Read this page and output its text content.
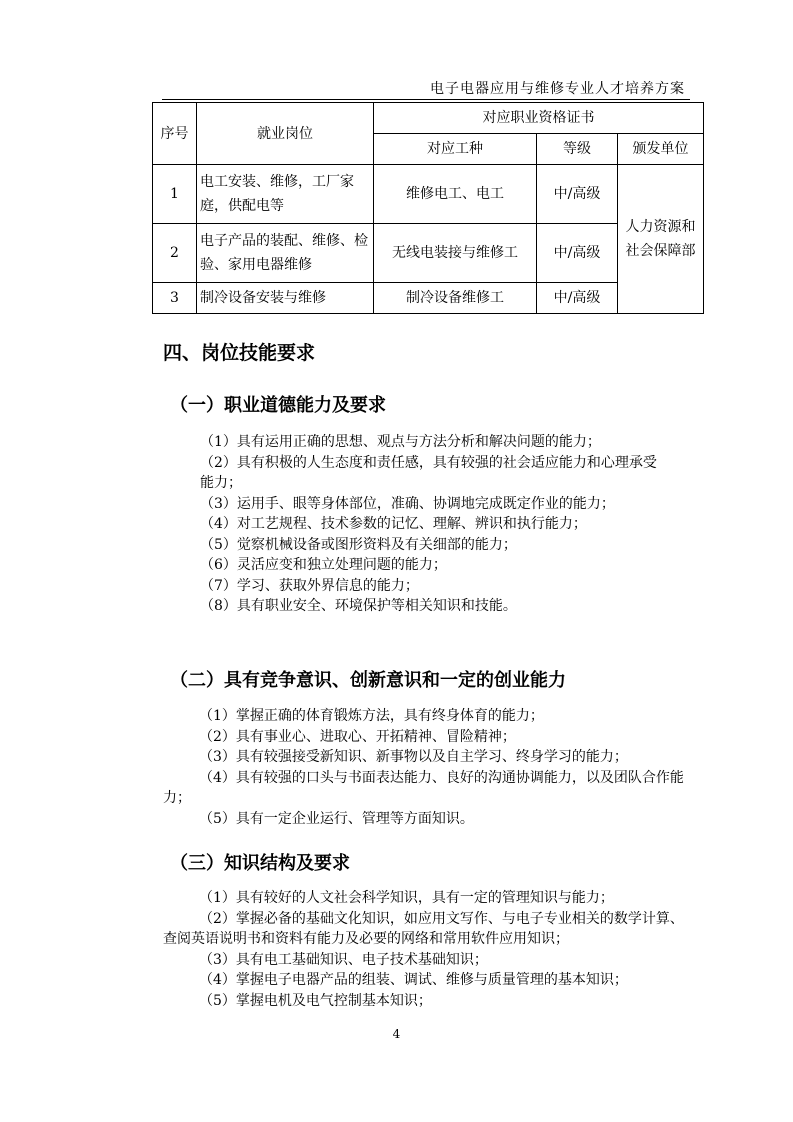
电子电器应用与维修专业人才培养方案
序号	就业岗位	对应职业资格证书		
		对应工种	等级	颁发单位
1	电工安装、维修，工厂家庭，供配电等	维修电工、电工	中/高级	人力资源和社会保障部
2	电子产品的装配、维修、检验、家用电器维修	无线电装接与维修工	中/高级	
3	制冷设备安装与维修	制冷设备维修工	中/高级	
四、岗位技能要求
（一）职业道德能力及要求
（1）具有运用正确的思想、观点与方法分析和解决问题的能力；
（2）具有积极的人生态度和责任感，具有较强的社会适应能力和心理承受能力；
（3）运用手、眼等身体部位，准确、协调地完成既定作业的能力；
（4）对工艺规程、技术参数的记忆、理解、辨识和执行能力；
（5）觉察机械设备或图形资料及有关细部的能力；
（6）灵活应变和独立处理问题的能力；
（7）学习、获取外界信息的能力；
（8）具有职业安全、环境保护等相关知识和技能。
（二）具有竞争意识、创新意识和一定的创业能力
（1）掌握正确的体育锻炼方法，具有终身体育的能力；
（2）具有事业心、进取心、开拓精神、冒险精神；
（3）具有较强接受新知识、新事物以及自主学习、终身学习的能力；
（4）具有较强的口头与书面表达能力、良好的沟通协调能力，以及团队合作能力；
（5）具有一定企业运行、管理等方面知识。
（三）知识结构及要求
（1）具有较好的人文社会科学知识，具有一定的管理知识与能力；
（2）掌握必备的基础文化知识，如应用文写作、与电子专业相关的数学计算、查阅英语说明书和资料有能力及必要的网络和常用软件应用知识；
（3）具有电工基础知识、电子技术基础知识；
（4）掌握电子电器产品的组装、调试、维修与质量管理的基本知识；
（5）掌握电机及电气控制基本知识；
4
